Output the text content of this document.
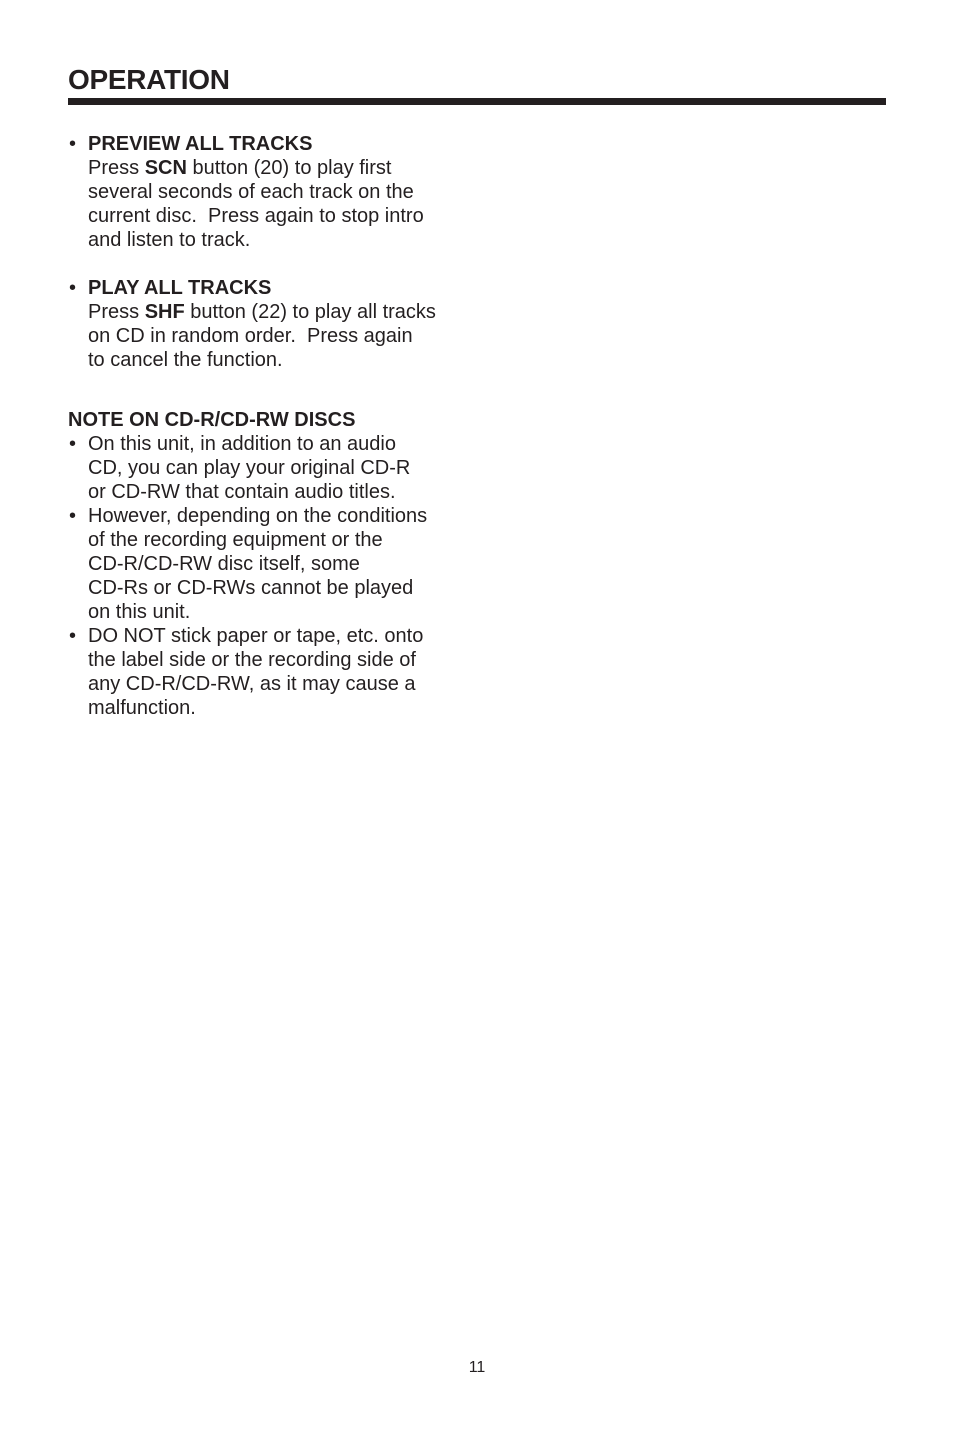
OPERATION
• PREVIEW ALL TRACKS
Press SCN button (20) to play first
several seconds of each track on the
current disc.  Press again to stop intro
and listen to track.
• PLAY ALL TRACKS
Press SHF button (22) to play all tracks
on CD in random order.  Press again
to cancel the function.
NOTE ON CD-R/CD-RW DISCS
• On this unit, in addition to an audio
CD, you can play your original CD-R
or CD-RW that contain audio titles.
• However, depending on the conditions
of the recording equipment or the
CD-R/CD-RW disc itself, some
CD-Rs or CD-RWs cannot be played
on this unit.
• DO NOT stick paper or tape, etc. onto
the label side or the recording side of
any CD-R/CD-RW, as it may cause a
malfunction.
11
